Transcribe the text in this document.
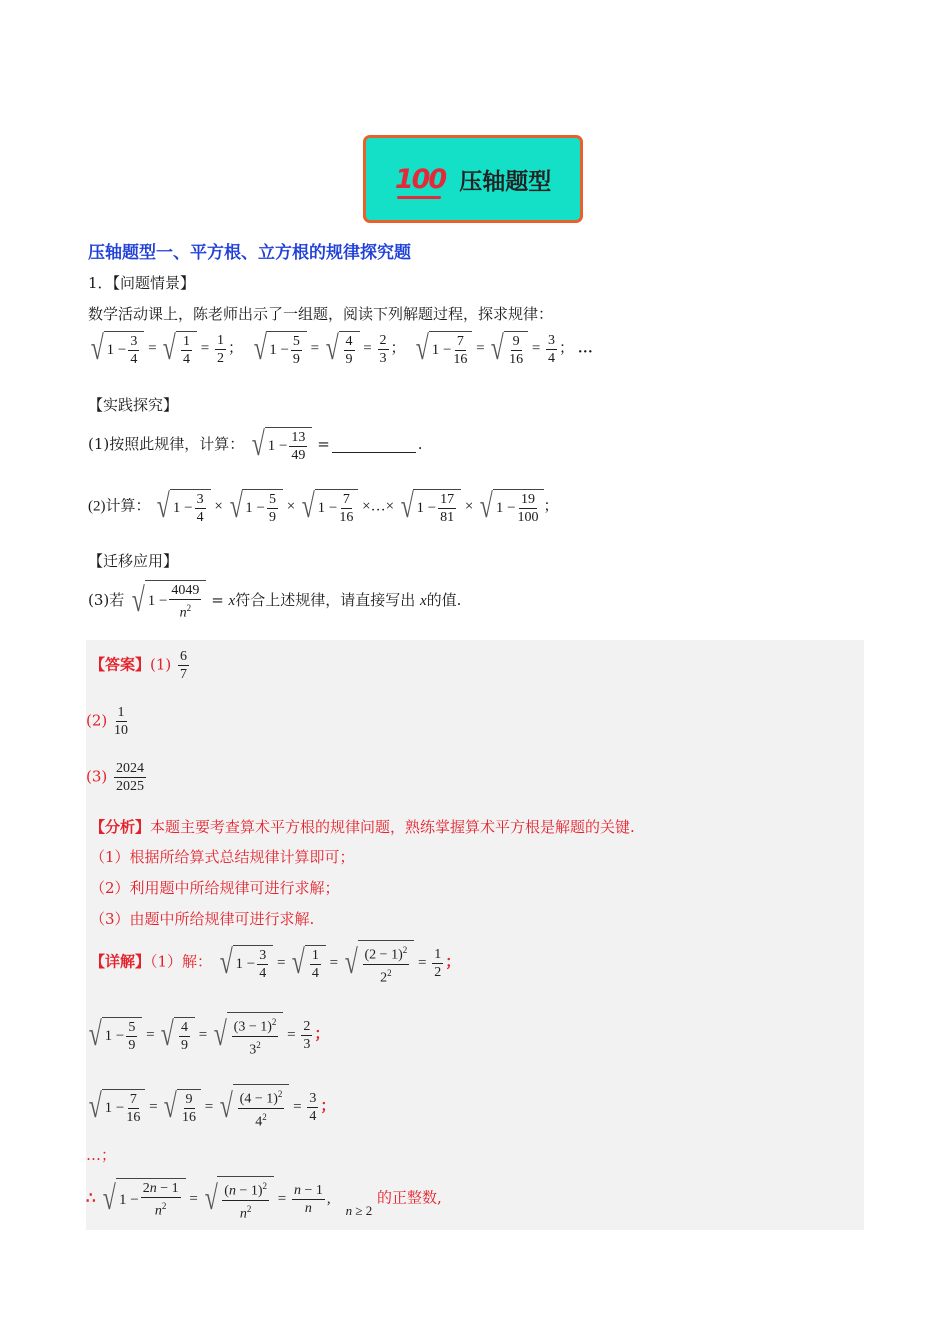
100 压轴题型
压轴题型一、平方根、立方根的规律探究题
1．【问题情景】
数学活动课上，陈老师出示了一组题，阅读下列解题过程，探求规律：
√ $1 - \frac{3}{4}$ = √ $\frac{1}{4} = \frac{1}{2}$ ； √ $1 - \frac{5}{9}$ = √ $\frac{4}{9} = \frac{2}{3}$ ； √ $1 - \frac{7}{16}$ = √ $\frac{9}{16} = \frac{3}{4}$ ； …
【实践探究】
(1)按照此规律，计算： √ $1 - \frac{13}{49}$ =	.
(2)计算： √ $1 - \frac{3}{4}$ × √ $1 - \frac{5}{9}$ × √ $1 - \frac{7}{16}$ ×…× √ $1 - \frac{17}{81}$ × √ $1 - \frac{19}{100}$ ；
【迁移应用】
(3)若 √ $1 - \frac{4049}{n^2} = x$符合上述规律，请直接写出 x的值.
【答案】$(1) \frac{6}{7}$
$(2) \frac{1}{10}$
$(3) \frac{2024}{2025}$
【分析】本题主要考查算术平方根的规律问题，熟练掌握算术平方根是解题的关键.
（1）根据所给算式总结规律计算即可；
（2）利用题中所给规律可进行求解；
（3）由题中所给规律可进行求解.
【详解】（1）解： √ $1 - \frac{3}{4}$ = √ $\frac{1}{4}$ = √ $\frac{(2 - 1)^2}{2^2} = \frac{1}{2}$ ；
√ $1 - \frac{5}{9}$ = √ $\frac{4}{9}$ = √ $\frac{(3 - 1)^2}{3^2} = \frac{2}{3}$ ；
√ $1 - \frac{7}{16}$ = √ $\frac{9}{16}$ = √ $\frac{(4 - 1)^2}{4^2} = \frac{3}{4}$ ；
…；
∴ √ $1 - \frac{2n - 1}{n^2}$ = √ $\frac{(n - 1)^2}{n^2} = \frac{n - 1}{n}$ ,    n ≥ 2 的正整数,
